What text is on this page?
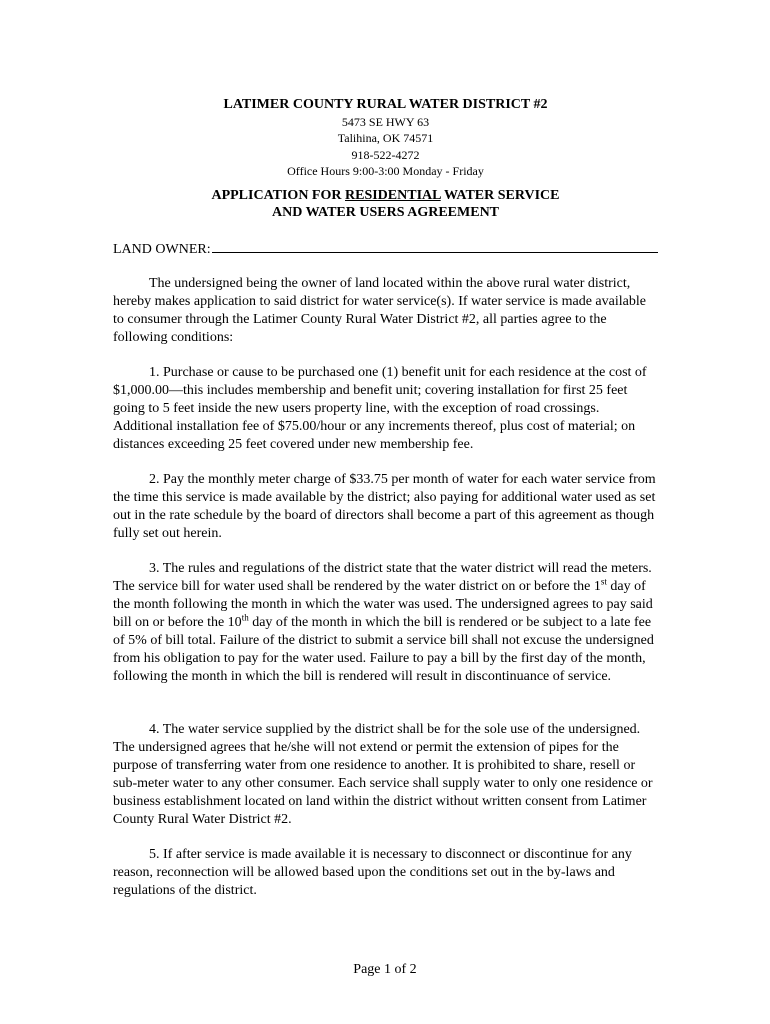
LATIMER COUNTY RURAL WATER DISTRICT #2
5473 SE HWY 63
Talihina, OK 74571
918-522-4272
Office Hours 9:00-3:00 Monday - Friday
APPLICATION FOR RESIDENTIAL WATER SERVICE
AND WATER USERS AGREEMENT
LAND OWNER:
The undersigned being the owner of land located within the above rural water district, hereby makes application to said district for water service(s). If water service is made available to consumer through the Latimer County Rural Water District #2, all parties agree to the following conditions:
1. Purchase or cause to be purchased one (1) benefit unit for each residence at the cost of $1,000.00—this includes membership and benefit unit; covering installation for first 25 feet going to 5 feet inside the new users property line, with the exception of road crossings. Additional installation fee of $75.00/hour or any increments thereof, plus cost of material; on distances exceeding 25 feet covered under new membership fee.
2. Pay the monthly meter charge of $33.75 per month of water for each water service from the time this service is made available by the district; also paying for additional water used as set out in the rate schedule by the board of directors shall become a part of this agreement as though fully set out herein.
3. The rules and regulations of the district state that the water district will read the meters. The service bill for water used shall be rendered by the water district on or before the 1st day of the month following the month in which the water was used. The undersigned agrees to pay said bill on or before the 10th day of the month in which the bill is rendered or be subject to a late fee of 5% of bill total. Failure of the district to submit a service bill shall not excuse the undersigned from his obligation to pay for the water used. Failure to pay a bill by the first day of the month, following the month in which the bill is rendered will result in discontinuance of service.
4. The water service supplied by the district shall be for the sole use of the undersigned. The undersigned agrees that he/she will not extend or permit the extension of pipes for the purpose of transferring water from one residence to another. It is prohibited to share, resell or sub-meter water to any other consumer. Each service shall supply water to only one residence or business establishment located on land within the district without written consent from Latimer County Rural Water District #2.
5. If after service is made available it is necessary to disconnect or discontinue for any reason, reconnection will be allowed based upon the conditions set out in the by-laws and regulations of the district.
Page 1 of 2
